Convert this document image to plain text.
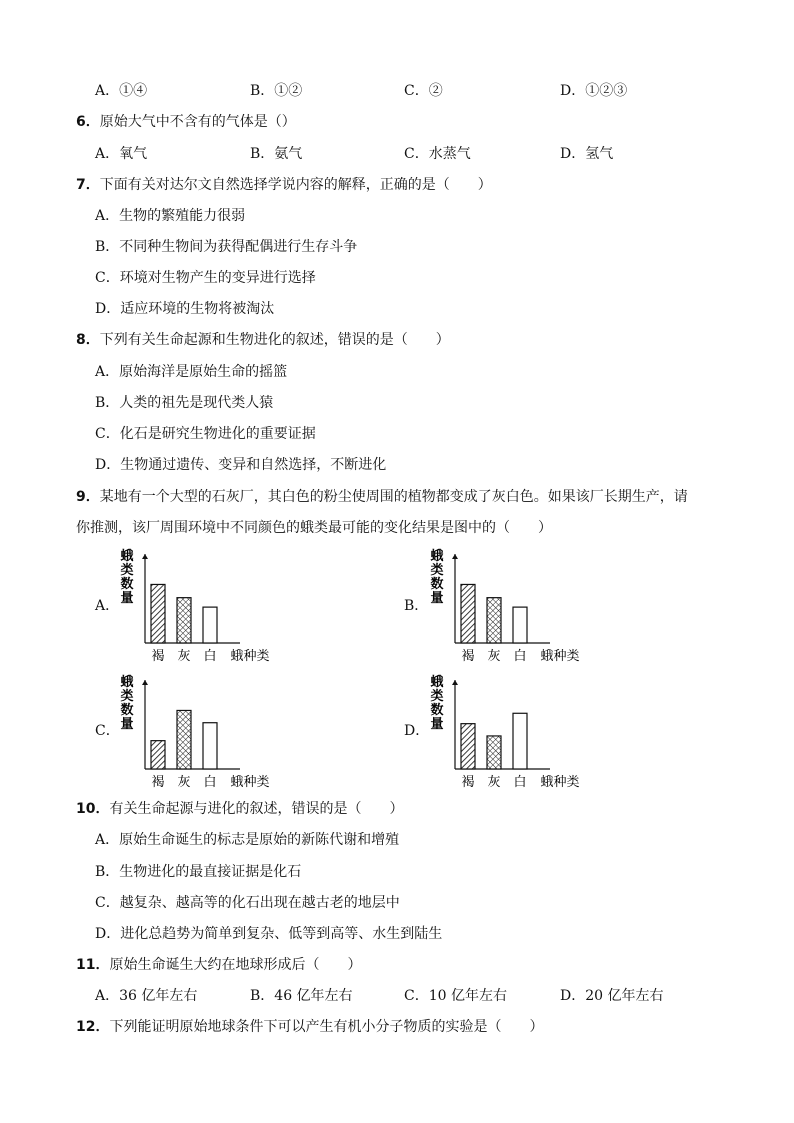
A．①④	B．①②	C．②	D．①②③
6．原始大气中不含有的气体是（）
A．氧气	B．氨气	C．水蒸气	D．氢气
7．下面有关对达尔文自然选择学说内容的解释，正确的是（　　）
A．生物的繁殖能力很弱
B．不同种生物间为获得配偶进行生存斗争
C．环境对生物产生的变异进行选择
D．适应环境的生物将被淘汰
8．下列有关生命起源和生物进化的叙述，错误的是（　　）
A．原始海洋是原始生命的摇篮
B．人类的祖先是现代类人猿
C．化石是研究生物进化的重要证据
D．生物通过遗传、变异和自然选择，不断进化
9．某地有一个大型的石灰厂，其白色的粉尘使周围的植物都变成了灰白色。如果该厂长期生产，请
你推测，该厂周围环境中不同颜色的蛾类最可能的变化结果是图中的（　　）
A．	B．
C．	D．
蛾
类
数
量
褐 灰 白 蛾种类
蛾
类
数
量
褐 灰 白 蛾种类
蛾
类
数
量
褐 灰 白 蛾种类
蛾
类
数
量
褐 灰 白 蛾种类
10．有关生命起源与进化的叙述，错误的是（　　）
A．原始生命诞生的标志是原始的新陈代谢和增殖
B．生物进化的最直接证据是化石
C．越复杂、越高等的化石出现在越古老的地层中
D．进化总趋势为简单到复杂、低等到高等、水生到陆生
11．原始生命诞生大约在地球形成后（　　）
A．36 亿年左右	B．46 亿年左右	C．10 亿年左右	D．20 亿年左右
12．下列能证明原始地球条件下可以产生有机小分子物质的实验是（　　）
